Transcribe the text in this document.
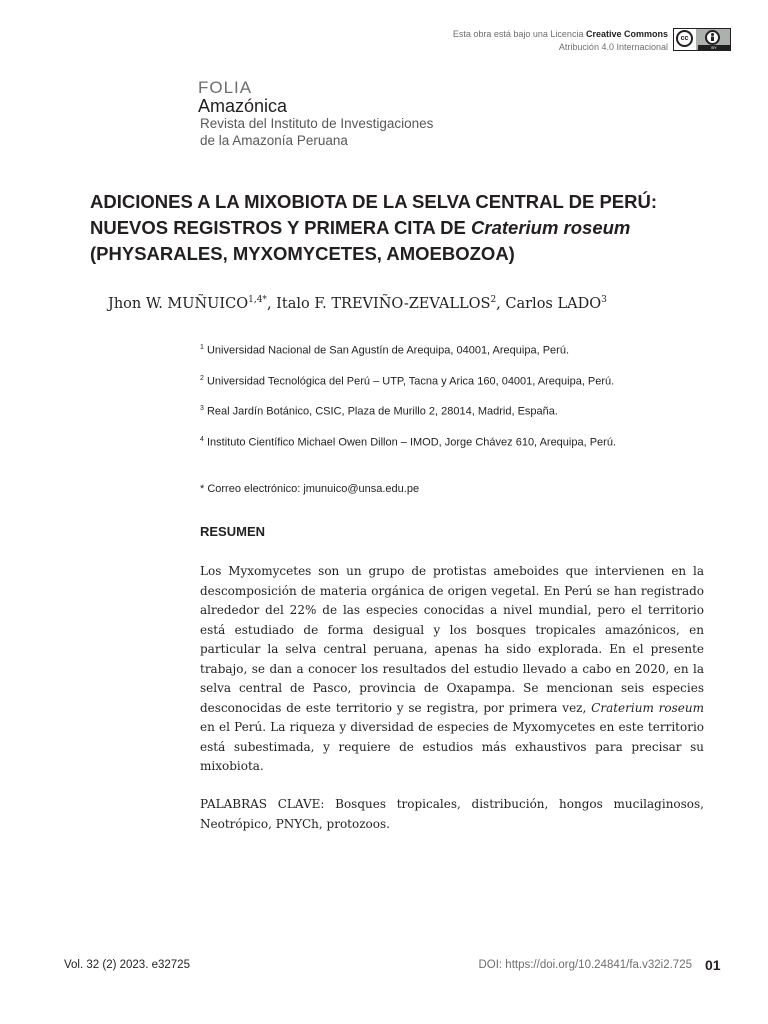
Esta obra está bajo una Licencia Creative Commons
Atribución 4.0 Internacional
cc
BY
FOLIA
Amazónica
Revista del Instituto de Investigaciones
de la Amazonía Peruana
ADICIONES A LA MIXOBIOTA DE LA SELVA CENTRAL DE PERÚ:
NUEVOS REGISTROS Y PRIMERA CITA DE Craterium roseum
(PHYSARALES, MYXOMYCETES, AMOEBOZOA)
Jhon W. $MUÑUICO^{1,4*}$, Italo F. TREVIÑO-ZEVALLOS$^2$, Carlos LADO$^3$
$^1$ Universidad Nacional de San Agustín de Arequipa, 04001, Arequipa, Perú.
$^2$ Universidad Tecnológica del Perú – UTP, Tacna y Arica 160, 04001, Arequipa, Perú.
$^3$ Real Jardín Botánico, CSIC, Plaza de Murillo 2, 28014, Madrid, España.
$^4$ Instituto Científico Michael Owen Dillon – IMOD, Jorge Chávez 610, Arequipa, Perú.
* Correo electrónico: jmunuico@unsa.edu.pe
RESUMEN
Los Myxomycetes son un grupo de protistas ameboides que intervienen en la descomposición de materia orgánica de origen vegetal. En Perú se han registrado alrededor del 22% de las especies conocidas a nivel mundial, pero el territorio está estudiado de forma desigual y los bosques tropicales amazónicos, en particular la selva central peruana, apenas ha sido explorada. En el presente trabajo, se dan a conocer los resultados del estudio llevado a cabo en 2020, en la selva central de Pasco, provincia de Oxapampa. Se mencionan seis especies desconocidas de este territorio y se registra, por primera vez, Craterium roseum en el Perú. La riqueza y diversidad de especies de Myxomycetes en este territorio está subestimada, y requiere de estudios más exhaustivos para precisar su mixobiota.
PALABRAS CLAVE: Bosques tropicales, distribución, hongos mucilaginosos, Neotrópico, PNYCh, protozoos.
Vol. 32 (2) 2023. e32725	DOI: https://doi.org/10.24841/fa.v32i2.725 01
